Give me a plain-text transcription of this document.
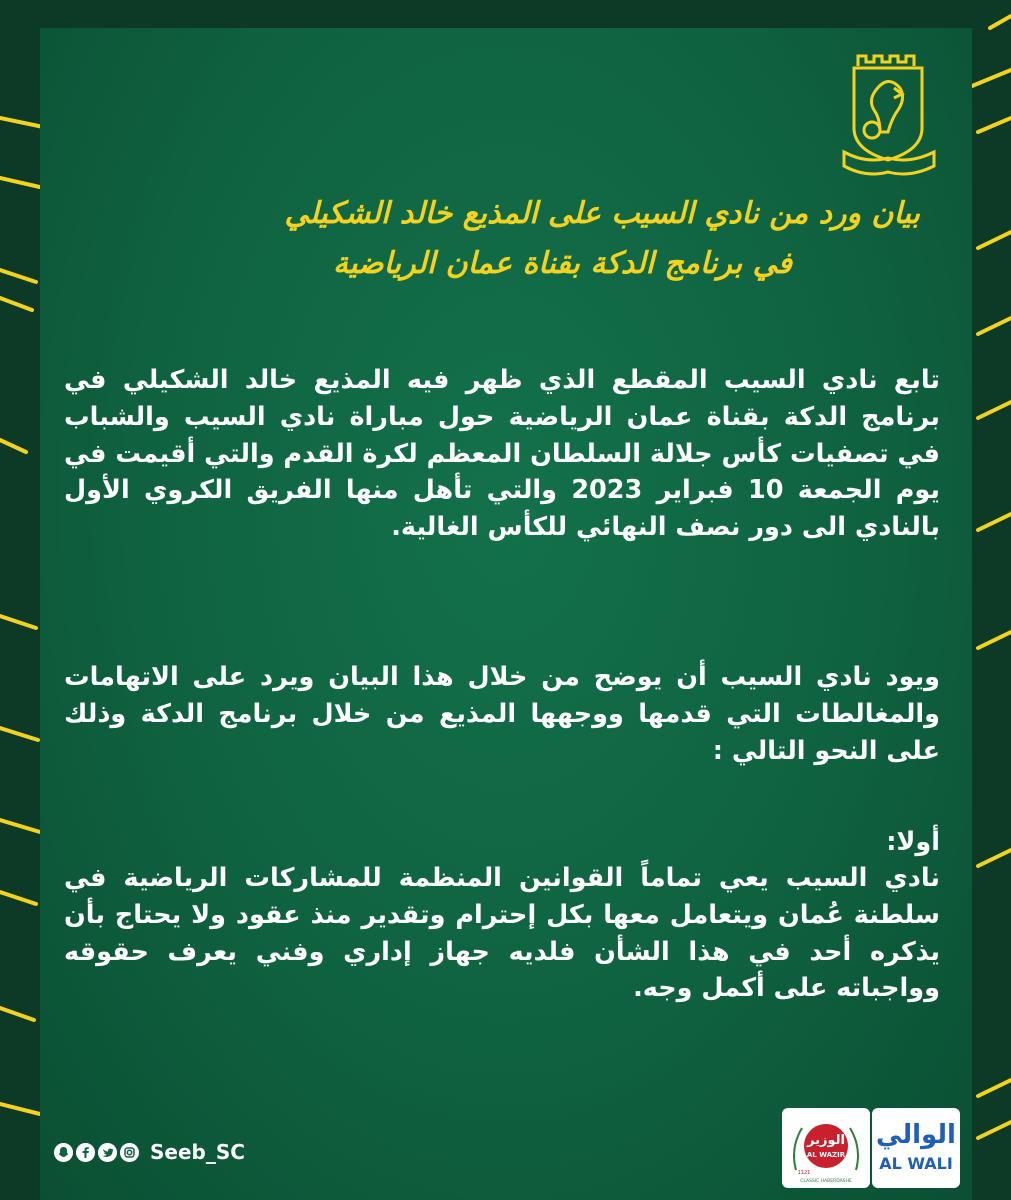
بيان ورد من نادي السيب على المذيع خالد الشكيلي
في برنامج الدكة بقناة عمان الرياضية

تابع نادي السيب المقطع الذي ظهر فيه المذيع خالد الشكيلي في برنامج الدكة بقناة عمان الرياضية حول مباراة نادي السيب والشباب في تصفيات كأس جلالة السلطان المعظم لكرة القدم والتي أقيمت في يوم الجمعة 10 فبراير 2023 والتي تأهل منها الفريق الكروي الأول بالنادي الى دور نصف النهائي للكأس الغالية.

ويود نادي السيب أن يوضح من خلال هذا البيان ويرد على الاتهامات والمغالطات التي قدمها ووجهها المذيع من خلال برنامج الدكة وذلك على النحو التالي :

أولا:

نادي السيب يعي تماماً القوانين المنظمة للمشاركات الرياضية في سلطنة عُمان ويتعامل معها بكل إحترام وتقدير منذ عقود ولا يحتاج بأن يذكره أحد في هذا الشأن فلديه جهاز إداري وفني يعرف حقوقه وواجباته على أكمل وجه.

Seeb_SC	الوزير
AL WAZIR
1121
CLASSIC HABERDASHE
الوالي
AL WALI
